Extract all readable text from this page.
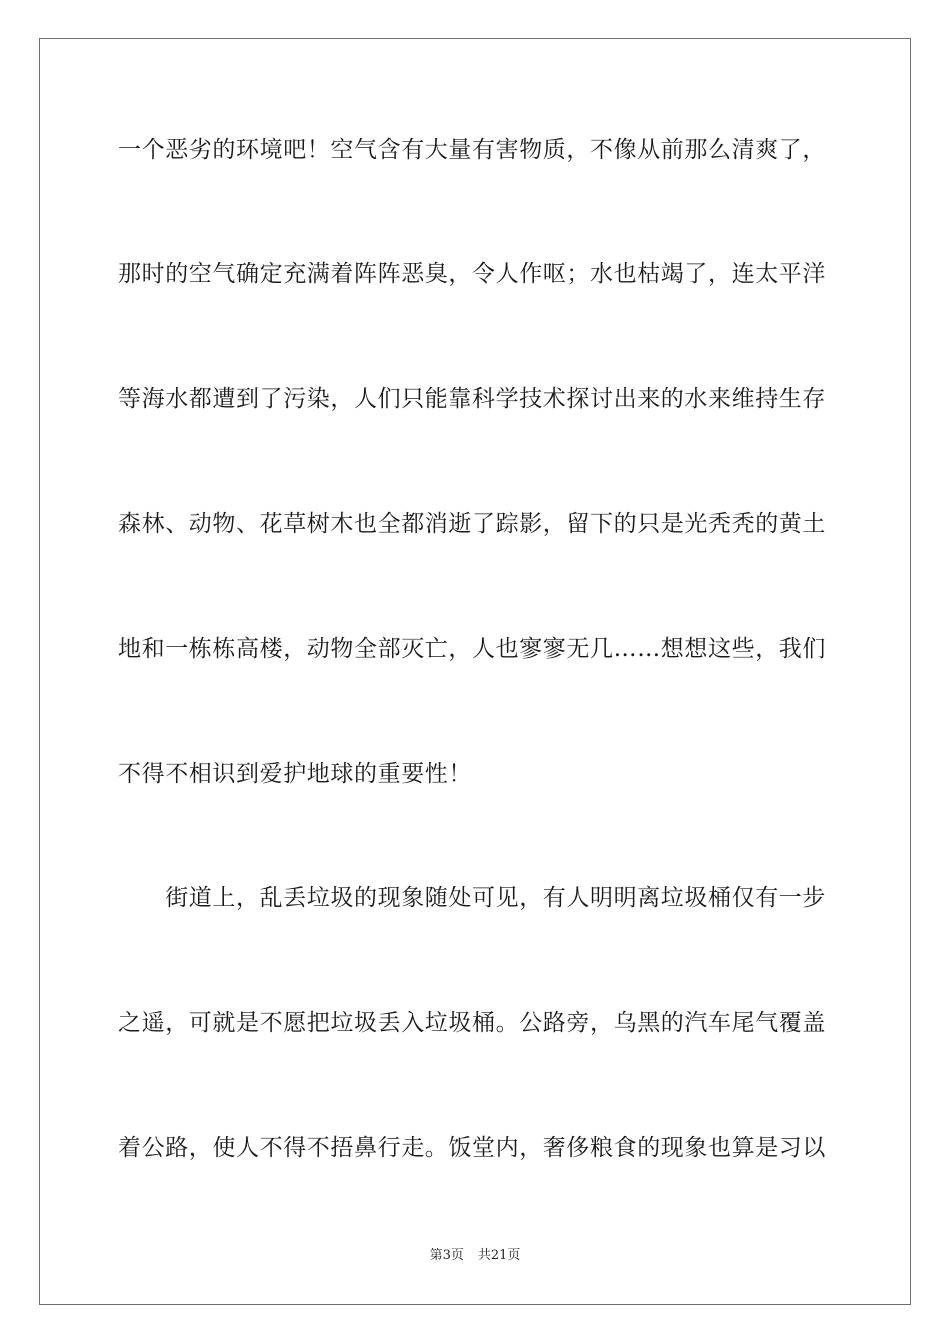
一个恶劣的环境吧！空气含有大量有害物质，不像从前那么清爽了，
那时的空气确定充满着阵阵恶臭，令人作呕；水也枯竭了，连太平洋
等海水都遭到了污染，人们只能靠科学技术探讨出来的水来维持生存
森林、动物、花草树木也全都消逝了踪影，留下的只是光秃秃的黄土
地和一栋栋高楼，动物全部灭亡，人也寥寥无几……想想这些，我们
不得不相识到爱护地球的重要性！
　　街道上，乱丢垃圾的现象随处可见，有人明明离垃圾桶仅有一步
之遥，可就是不愿把垃圾丢入垃圾桶。公路旁，乌黑的汽车尾气覆盖
着公路，使人不得不捂鼻行走。饭堂内，奢侈粮食的现象也算是习以
第3页 共21页
